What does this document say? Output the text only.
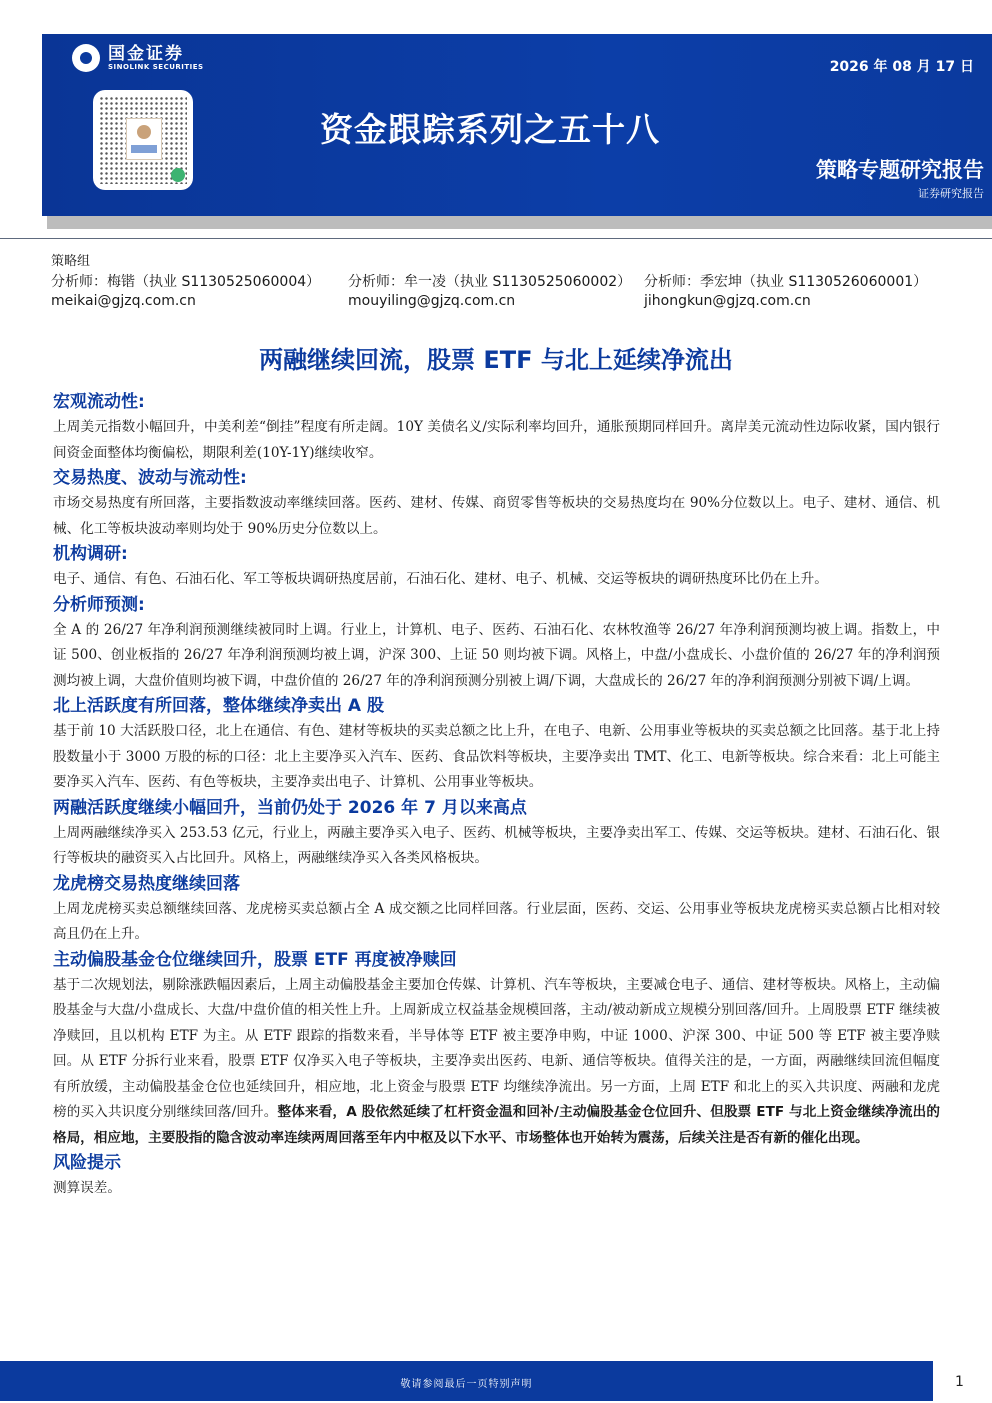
国金证券
SINOLINK SECURITIES	2026 年 08 月 17 日
资金跟踪系列之五十八
策略专题研究报告
证券研究报告
策略组
分析师：梅锴（执业 S1130525060004）
meikai@gjzq.com.cn
分析师：牟一凌（执业 S1130525060002）
mouyiling@gjzq.com.cn
分析师：季宏坤（执业 S1130526060001）
jihongkun@gjzq.com.cn
两融继续回流，股票 ETF 与北上延续净流出
宏观流动性:

上周美元指数小幅回升，中美利差“倒挂”程度有所走阔。10Y 美债名义/实际利率均回升，通胀预期同样回升。离岸美元流动性边际收紧，国内银行间资金面整体均衡偏松，期限利差(10Y-1Y)继续收窄。

交易热度、波动与流动性:

市场交易热度有所回落，主要指数波动率继续回落。医药、建材、传媒、商贸零售等板块的交易热度均在 90%分位数以上。电子、建材、通信、机械、化工等板块波动率则均处于 90%历史分位数以上。

机构调研:

电子、通信、有色、石油石化、军工等板块调研热度居前，石油石化、建材、电子、机械、交运等板块的调研热度环比仍在上升。

分析师预测:

全 A 的 26/27 年净利润预测继续被同时上调。行业上，计算机、电子、医药、石油石化、农林牧渔等 26/27 年净利润预测均被上调。指数上，中证 500、创业板指的 26/27 年净利润预测均被上调，沪深 300、上证 50 则均被下调。风格上，中盘/小盘成长、小盘价值的 26/27 年的净利润预测均被上调，大盘价值则均被下调，中盘价值的 26/27 年的净利润预测分别被上调/下调，大盘成长的 26/27 年的净利润预测分别被下调/上调。

北上活跃度有所回落，整体继续净卖出 A 股

基于前 10 大活跃股口径，北上在通信、有色、建材等板块的买卖总额之比上升，在电子、电新、公用事业等板块的买卖总额之比回落。基于北上持股数量小于 3000 万股的标的口径：北上主要净买入汽车、医药、食品饮料等板块，主要净卖出 TMT、化工、电新等板块。综合来看：北上可能主要净买入汽车、医药、有色等板块，主要净卖出电子、计算机、公用事业等板块。

两融活跃度继续小幅回升，当前仍处于 2026 年 7 月以来高点

上周两融继续净买入 253.53 亿元，行业上，两融主要净买入电子、医药、机械等板块，主要净卖出军工、传媒、交运等板块。建材、石油石化、银行等板块的融资买入占比回升。风格上，两融继续净买入各类风格板块。

龙虎榜交易热度继续回落

上周龙虎榜买卖总额继续回落、龙虎榜买卖总额占全 A 成交额之比同样回落。行业层面，医药、交运、公用事业等板块龙虎榜买卖总额占比相对较高且仍在上升。

主动偏股基金仓位继续回升，股票 ETF 再度被净赎回

基于二次规划法，剔除涨跌幅因素后，上周主动偏股基金主要加仓传媒、计算机、汽车等板块，主要减仓电子、通信、建材等板块。风格上，主动偏股基金与大盘/小盘成长、大盘/中盘价值的相关性上升。上周新成立权益基金规模回落，主动/被动新成立规模分别回落/回升。上周股票 ETF 继续被净赎回，且以机构 ETF 为主。从 ETF 跟踪的指数来看，半导体等 ETF 被主要净申购，中证 1000、沪深 300、中证 500 等 ETF 被主要净赎回。从 ETF 分拆行业来看，股票 ETF 仅净买入电子等板块，主要净卖出医药、电新、通信等板块。值得关注的是，一方面，两融继续回流但幅度有所放缓，主动偏股基金仓位也延续回升，相应地，北上资金与股票 ETF 均继续净流出。另一方面，上周 ETF 和北上的买入共识度、两融和龙虎榜的买入共识度分别继续回落/回升。整体来看，A 股依然延续了杠杆资金温和回补/主动偏股基金仓位回升、但股票 ETF 与北上资金继续净流出的格局，相应地，主要股指的隐含波动率连续两周回落至年内中枢及以下水平、市场整体也开始转为震荡，后续关注是否有新的催化出现。

风险提示

测算误差。

敬请参阅最后一页特别声明	1
